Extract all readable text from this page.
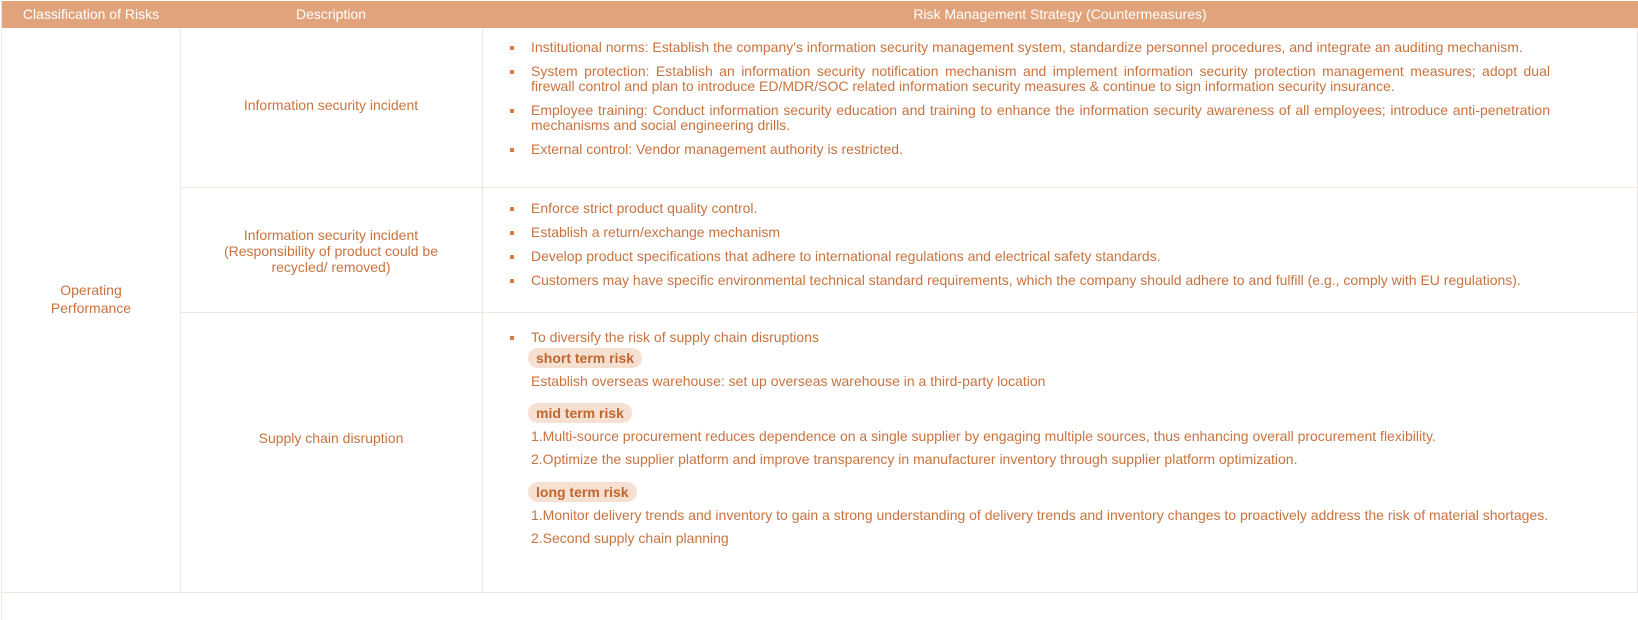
Classification of Risks	Description	Risk Management Strategy (Countermeasures)
Operating Performance
Information security incident
Institutional norms: Establish the company's information security management system, standardize personnel procedures, and integrate an auditing mechanism.
System protection: Establish an information security notification mechanism and implement information security protection management measures; adopt dual firewall control and plan to introduce ED/MDR/SOC related information security measures & continue to sign information security insurance.
Employee training: Conduct information security education and training to enhance the information security awareness of all employees; introduce anti-penetration mechanisms and social engineering drills.
External control: Vendor management authority is restricted.
Information security incident
(Responsibility of product could be recycled/ removed)
Enforce strict product quality control.
Establish a return/exchange mechanism
Develop product specifications that adhere to international regulations and electrical safety standards.
Customers may have specific environmental technical standard requirements, which the company should adhere to and fulfill (e.g., comply with EU regulations).
Supply chain disruption
To diversify the risk of supply chain disruptions
short term risk

Establish overseas warehouse: set up overseas warehouse in a third-party location

mid term risk

1.Multi-source procurement reduces dependence on a single supplier by engaging multiple sources, thus enhancing overall procurement flexibility.

2.Optimize the supplier platform and improve transparency in manufacturer inventory through supplier platform optimization.

long term risk

1.Monitor delivery trends and inventory to gain a strong understanding of delivery trends and inventory changes to proactively address the risk of material shortages.

2.Second supply chain planning
